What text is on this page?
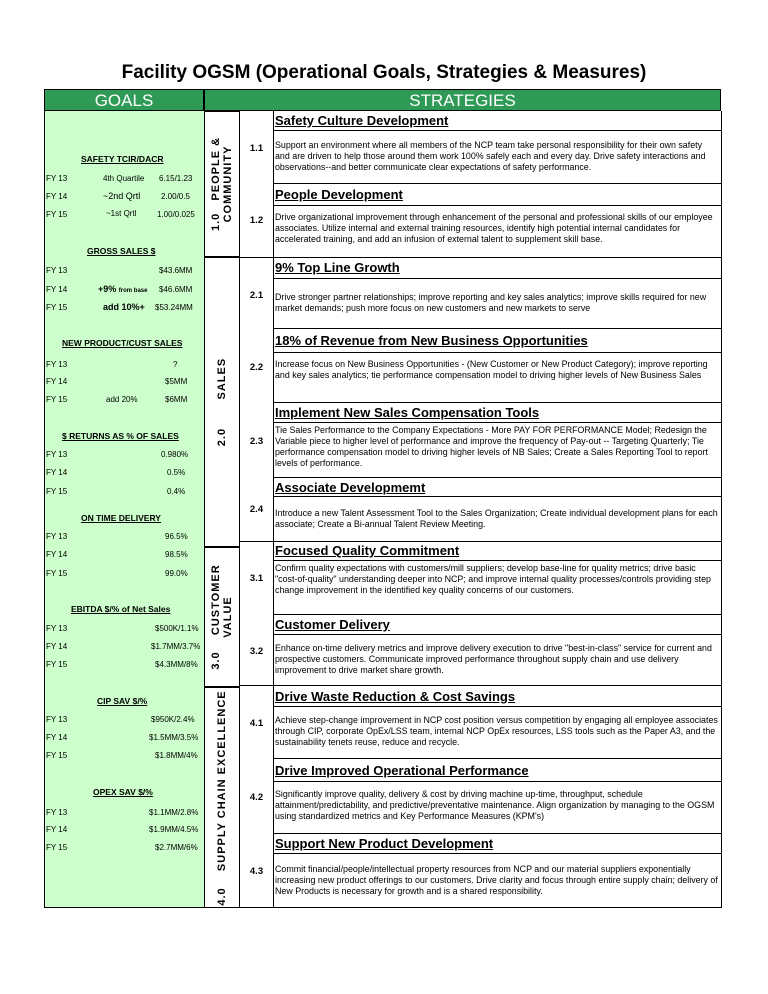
Facility OGSM (Operational Goals, Strategies & Measures)
GOALS	STRATEGIES
1.0   PEOPLE &
COMMUNITY
2.0       SALES
3.0    CUSTOMER
VALUE
4.0    SUPPLY CHAIN EXCELLENCE
SAFETY TCIR/DACR
FY 13	4th Quartile 6.15/1.23
FY 14	~2nd Qrtl	2.00/0.5
FY 15	~1st Qrtl	1.00/0.025
GROSS SALES $
FY 13	$43.6MM
FY 14	+9% from base $46.6MM
FY 15	add 10%+ $53.24MM
NEW PRODUCT/CUST SALES
FY 13	?
FY 14	$5MM
FY 15	add 20%	$6MM
$ RETURNS AS % OF SALES
FY 13	0.980%
FY 14	0.5%
FY 15	0.4%
ON TIME DELIVERY
FY 13	96.5%
FY 14	98.5%
FY 15	99.0%
EBITDA $/% of Net Sales
FY 13	$500K/1.1%
FY 14	$1.7MM/3.7%
FY 15	$4.3MM/8%
CIP SAV $/%
FY 13	$950K/2.4%
FY 14	$1.5MM/3.5%
FY 15	$1.8MM/4%
OPEX SAV $/%
FY 13	$1.1MM/2.8%
FY 14	$1.9MM/4.5%
FY 15	$2.7MM/6%
Safety Culture Development
1.1	Support an environment where all members of the NCP team take personal responsibility for their own safety and are driven to help those around them work 100% safely each and every day. Drive safety interactions and observations--and better communicate clear expectations of safety performance.
People Development
1.2	Drive organizational improvement through enhancement of the personal and professional skills of our employee associates. Utilize internal and external training resources, identify high potential internal candidates for accelerated training, and add an infusion of external talent to supplement skill base.
9% Top Line Growth
2.1	Drive stronger partner relationships; improve reporting and key sales analytics; improve skills required for new market demands; push more focus on new customers and new markets to serve
18% of Revenue from New Business Opportunities
2.2	Increase focus on New Business Opportunities - (New Customer or New Product Category); improve reporting and key sales analytics; tie performance compensation model to driving higher levels of New Business Sales
Implement New Sales Compensation Tools
2.3
Tie Sales Performance to the Company Expectations - More PAY FOR PERFORMANCE Model; Redesign the Variable piece to higher level of performance and improve the frequency of Pay-out -- Targeting Quarterly; Tie performance compensation model to driving higher levels of NB Sales; Create a Sales Reporting Tool to report levels of performance.
Associate Developmemt
2.4	Introduce a new Talent Assessment Tool to the Sales Organization; Create individual development plans for each associate; Create a Bi-annual Talent Review Meeting.
Focused Quality Commitment
3.1
Confirm quality expectations with customers/mill suppliers; develop base-line for quality metrics; drive basic "cost-of-quality" understanding deeper into NCP; and improve internal quality processes/controls providing step change improvement in the identified key quality concerns of our customers.
Customer Delivery
3.2	Enhance on-time delivery metrics and improve delivery execution to drive "best-in-class" service for current and prospective customers. Communicate improved performance throughout supply chain and use delivery improvement to drive market share growth.
Drive Waste Reduction & Cost Savings
4.1	Achieve step-change improvement in NCP cost position versus competition by engaging all employee associates through CIP, corporate OpEx/LSS team, internal NCP OpEx resources, LSS tools such as the Paper A3, and the sustainability tenets reuse, reduce and recycle.
Drive Improved Operational Performance
4.2	Significantly improve quality, delivery & cost by driving machine up-time, throughput, schedule attainment/predictability, and predictive/preventative maintenance. Align organization by managing to the OGSM using standardized metrics and Key Performance Measures (KPM's)
Support New Product Development
4.3	Commit financial/people/intellectual property resources from NCP and our material suppliers exponentially increasing new product offerings to our customers. Drive clarity and focus through entire supply chain; delivery of New Products is necessary for growth and is a shared responsibility.
